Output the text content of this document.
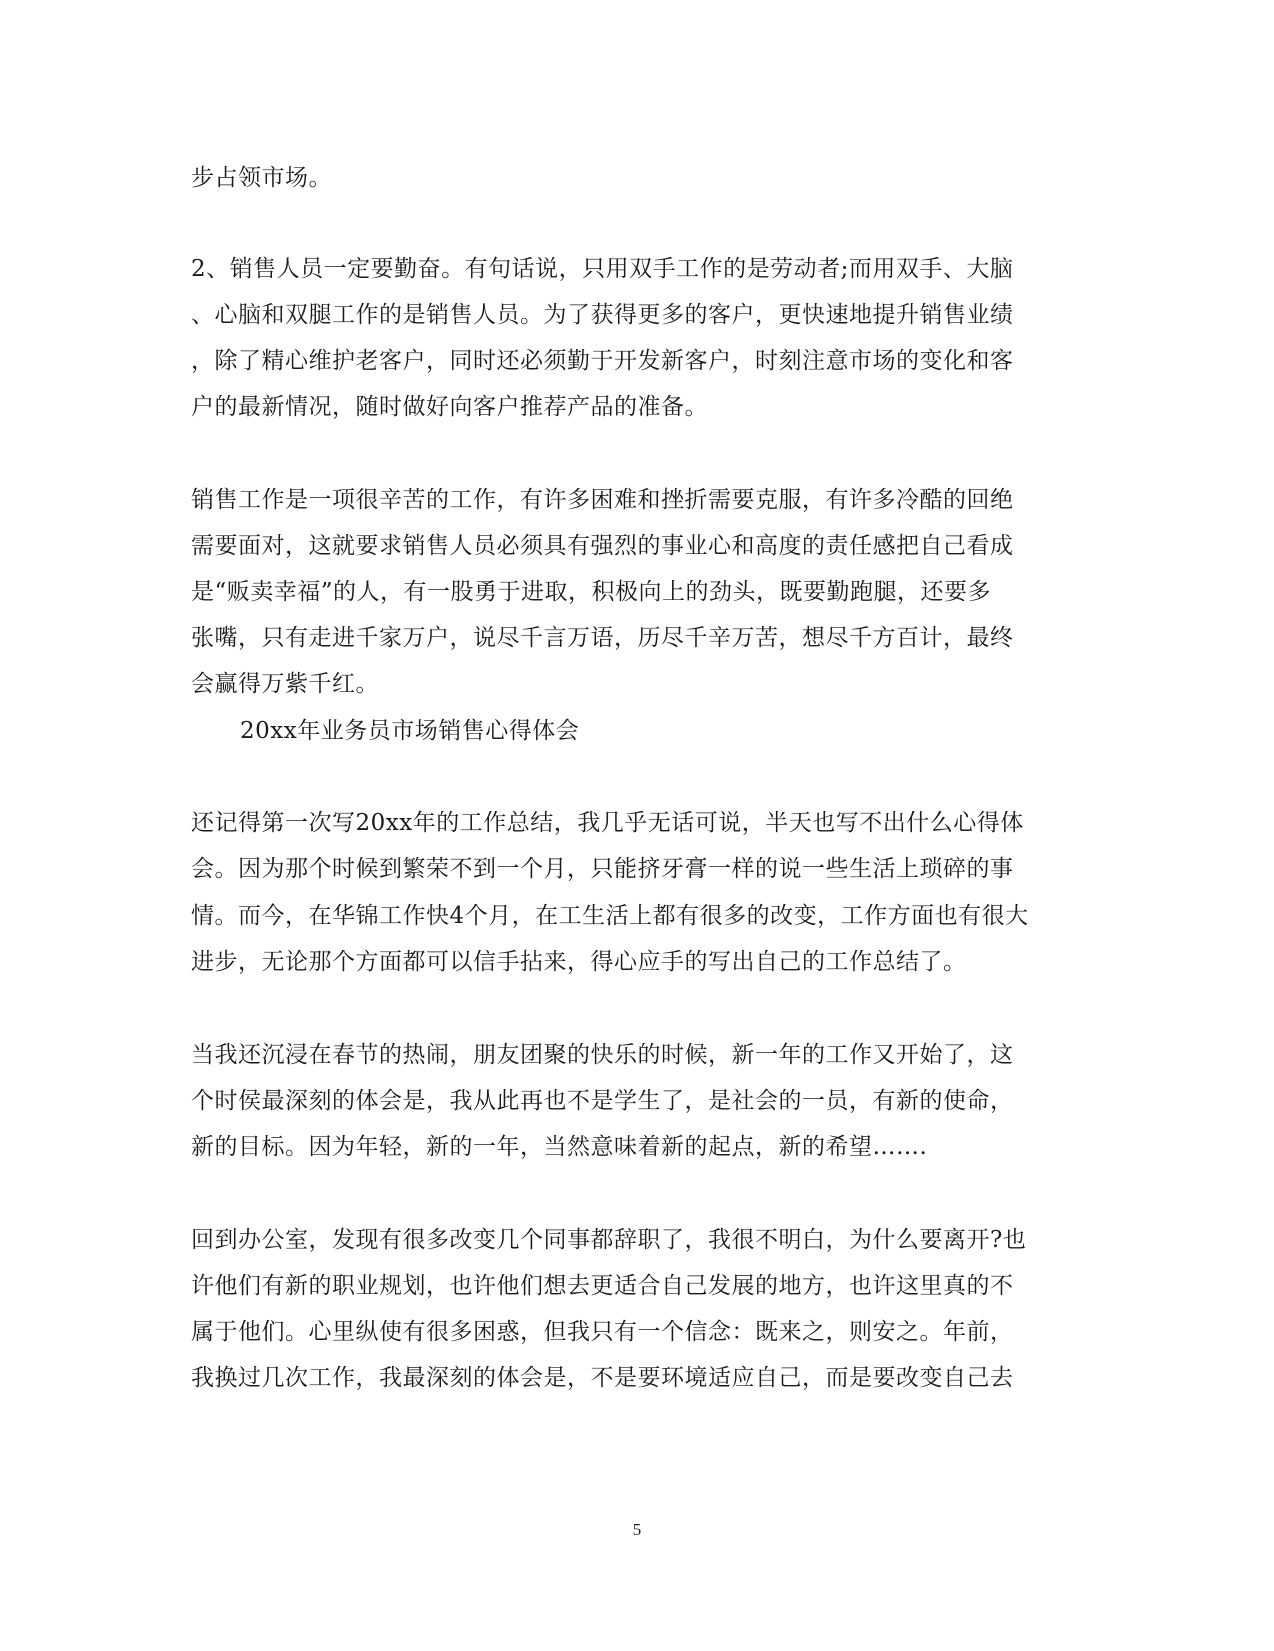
步占领市场。
2、销售人员一定要勤奋。有句话说，只用双手工作的是劳动者;而用双手、大脑
、心脑和双腿工作的是销售人员。为了获得更多的客户，更快速地提升销售业绩
，除了精心维护老客户，同时还必须勤于开发新客户，时刻注意市场的变化和客
户的最新情况，随时做好向客户推荐产品的准备。
销售工作是一项很辛苦的工作，有许多困难和挫折需要克服，有许多冷酷的回绝
需要面对，这就要求销售人员必须具有强烈的事业心和高度的责任感把自己看成
是“贩卖幸福”的人，有一股勇于进取，积极向上的劲头，既要勤跑腿，还要多
张嘴，只有走进千家万户，说尽千言万语，历尽千辛万苦，想尽千方百计，最终
会赢得万紫千红。
20xx年业务员市场销售心得体会
还记得第一次写20xx年的工作总结，我几乎无话可说，半天也写不出什么心得体
会。因为那个时候到繁荣不到一个月，只能挤牙膏一样的说一些生活上琐碎的事
情。而今，在华锦工作快4个月，在工生活上都有很多的改变，工作方面也有很大
进步，无论那个方面都可以信手拈来，得心应手的写出自己的工作总结了。
当我还沉浸在春节的热闹，朋友团聚的快乐的时候，新一年的工作又开始了，这
个时侯最深刻的体会是，我从此再也不是学生了，是社会的一员，有新的使命，
新的目标。因为年轻，新的一年，当然意味着新的起点，新的希望…….
回到办公室，发现有很多改变几个同事都辞职了，我很不明白，为什么要离开?也
许他们有新的职业规划，也许他们想去更适合自己发展的地方，也许这里真的不
属于他们。心里纵使有很多困惑，但我只有一个信念：既来之，则安之。年前，
我换过几次工作，我最深刻的体会是，不是要环境适应自己，而是要改变自己去
5
